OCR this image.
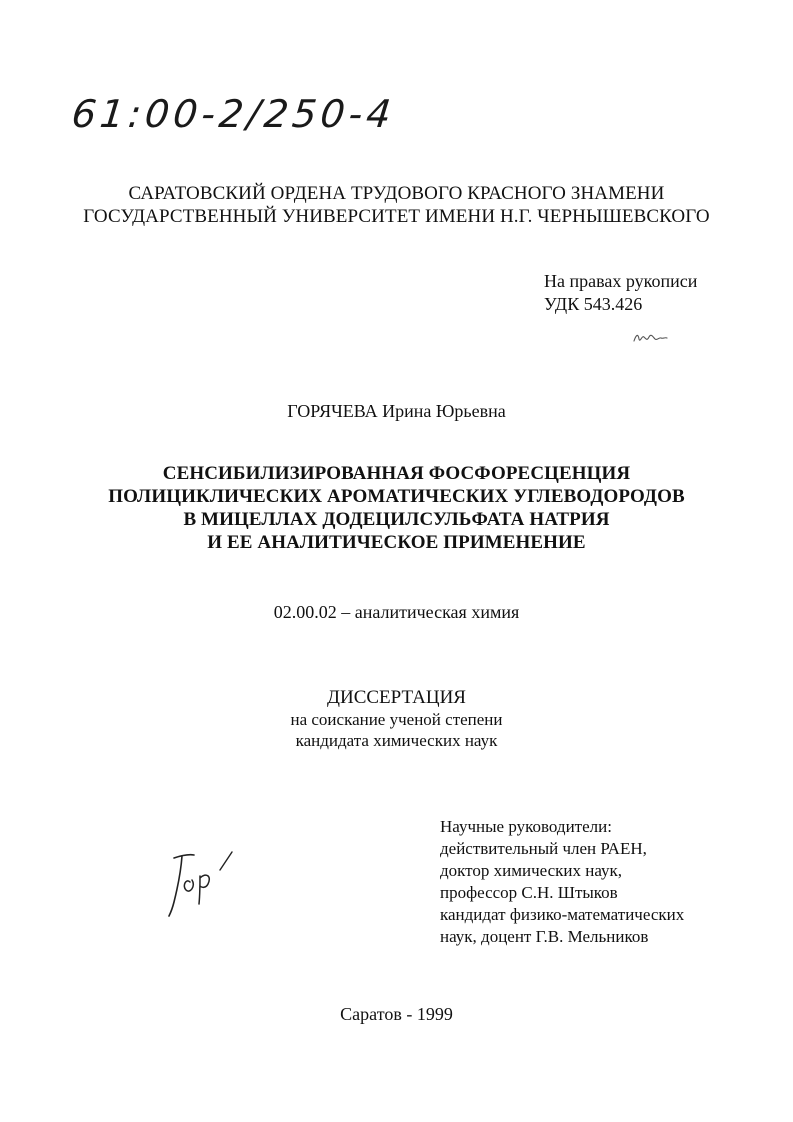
61:00-2/250-4
САРАТОВСКИЙ ОРДЕНА ТРУДОВОГО КРАСНОГО ЗНАМЕНИ
ГОСУДАРСТВЕННЫЙ УНИВЕРСИТЕТ ИМЕНИ Н.Г. ЧЕРНЫШЕВСКОГО
На правах рукописи
УДК 543.426
ГОРЯЧЕВА Ирина Юрьевна
СЕНСИБИЛИЗИРОВАННАЯ ФОСФОРЕСЦЕНЦИЯ
ПОЛИЦИКЛИЧЕСКИХ АРОМАТИЧЕСКИХ УГЛЕВОДОРОДОВ
В МИЦЕЛЛАХ ДОДЕЦИЛСУЛЬФАТА НАТРИЯ
И ЕЕ АНАЛИТИЧЕСКОЕ ПРИМЕНЕНИЕ
02.00.02 – аналитическая химия
ДИССЕРТАЦИЯ
на соискание ученой степени
кандидата химических наук
Научные руководители:
действительный член РАЕН,
доктор химических наук,
профессор С.Н. Штыков
кандидат физико-математических
наук, доцент Г.В. Мельников
Саратов - 1999
